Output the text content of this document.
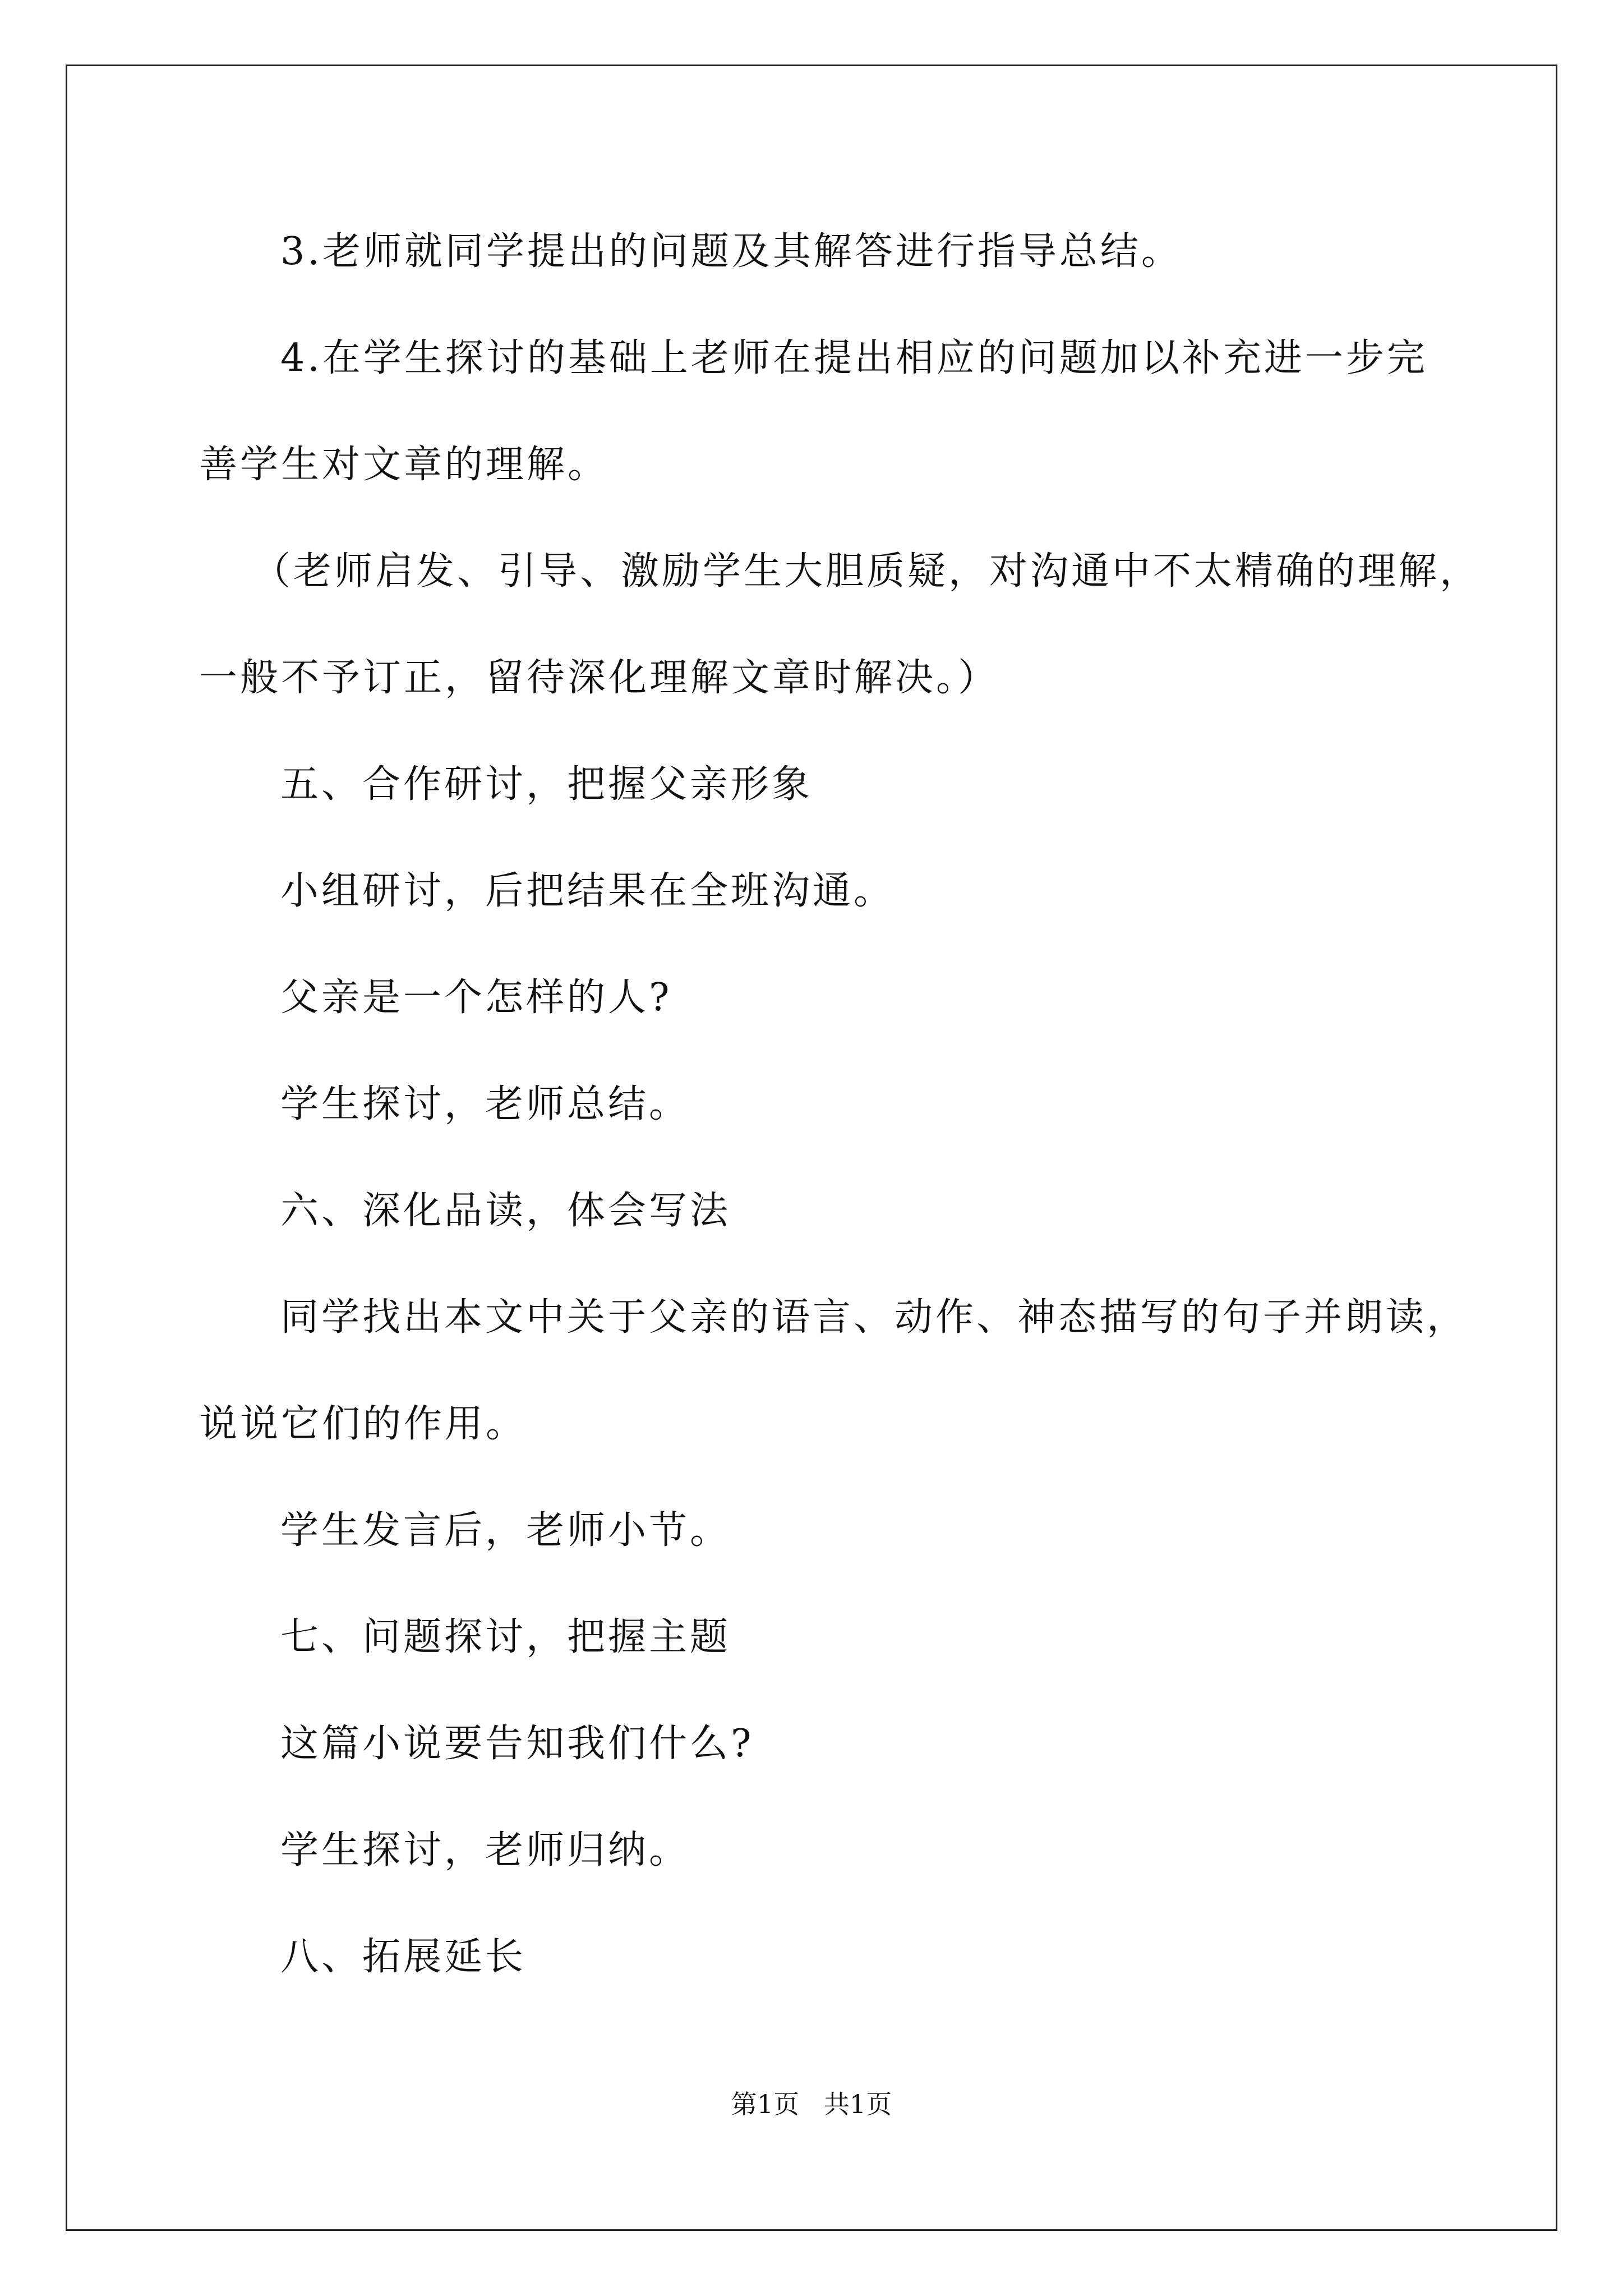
3.老师就同学提出的问题及其解答进行指导总结。
4.在学生探讨的基础上老师在提出相应的问题加以补充进一步完
善学生对文章的理解。
（老师启发、引导、激励学生大胆质疑，对沟通中不太精确的理解，
一般不予订正，留待深化理解文章时解决。）
五、合作研讨，把握父亲形象
小组研讨，后把结果在全班沟通。
父亲是一个怎样的人?
学生探讨，老师总结。
六、深化品读，体会写法
同学找出本文中关于父亲的语言、动作、神态描写的句子并朗读，
说说它们的作用。
学生发言后，老师小节。
七、问题探讨，把握主题
这篇小说要告知我们什么?
学生探讨，老师归纳。
八、拓展延长
第1页   共1页
